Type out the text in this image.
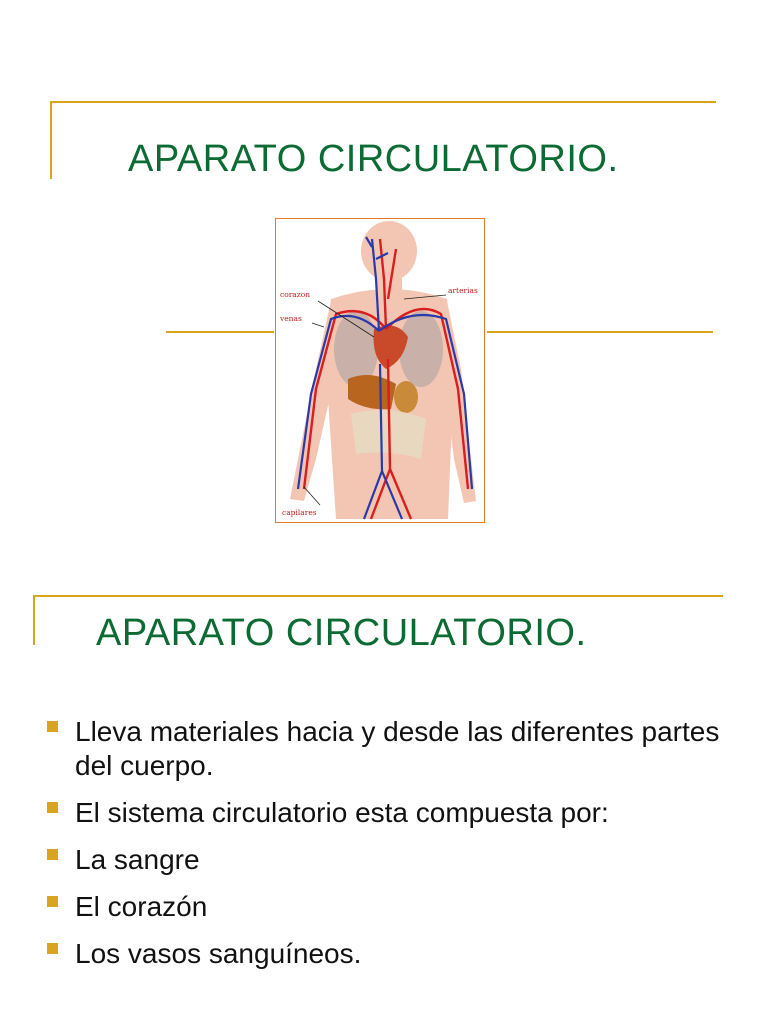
APARATO CIRCULATORIO.
corazon
venas
arterias
capilares
APARATO CIRCULATORIO.
Lleva materiales hacia y desde las diferentes partes del cuerpo.
El sistema circulatorio esta compuesta por:
La sangre
El corazón
Los vasos sanguíneos.
